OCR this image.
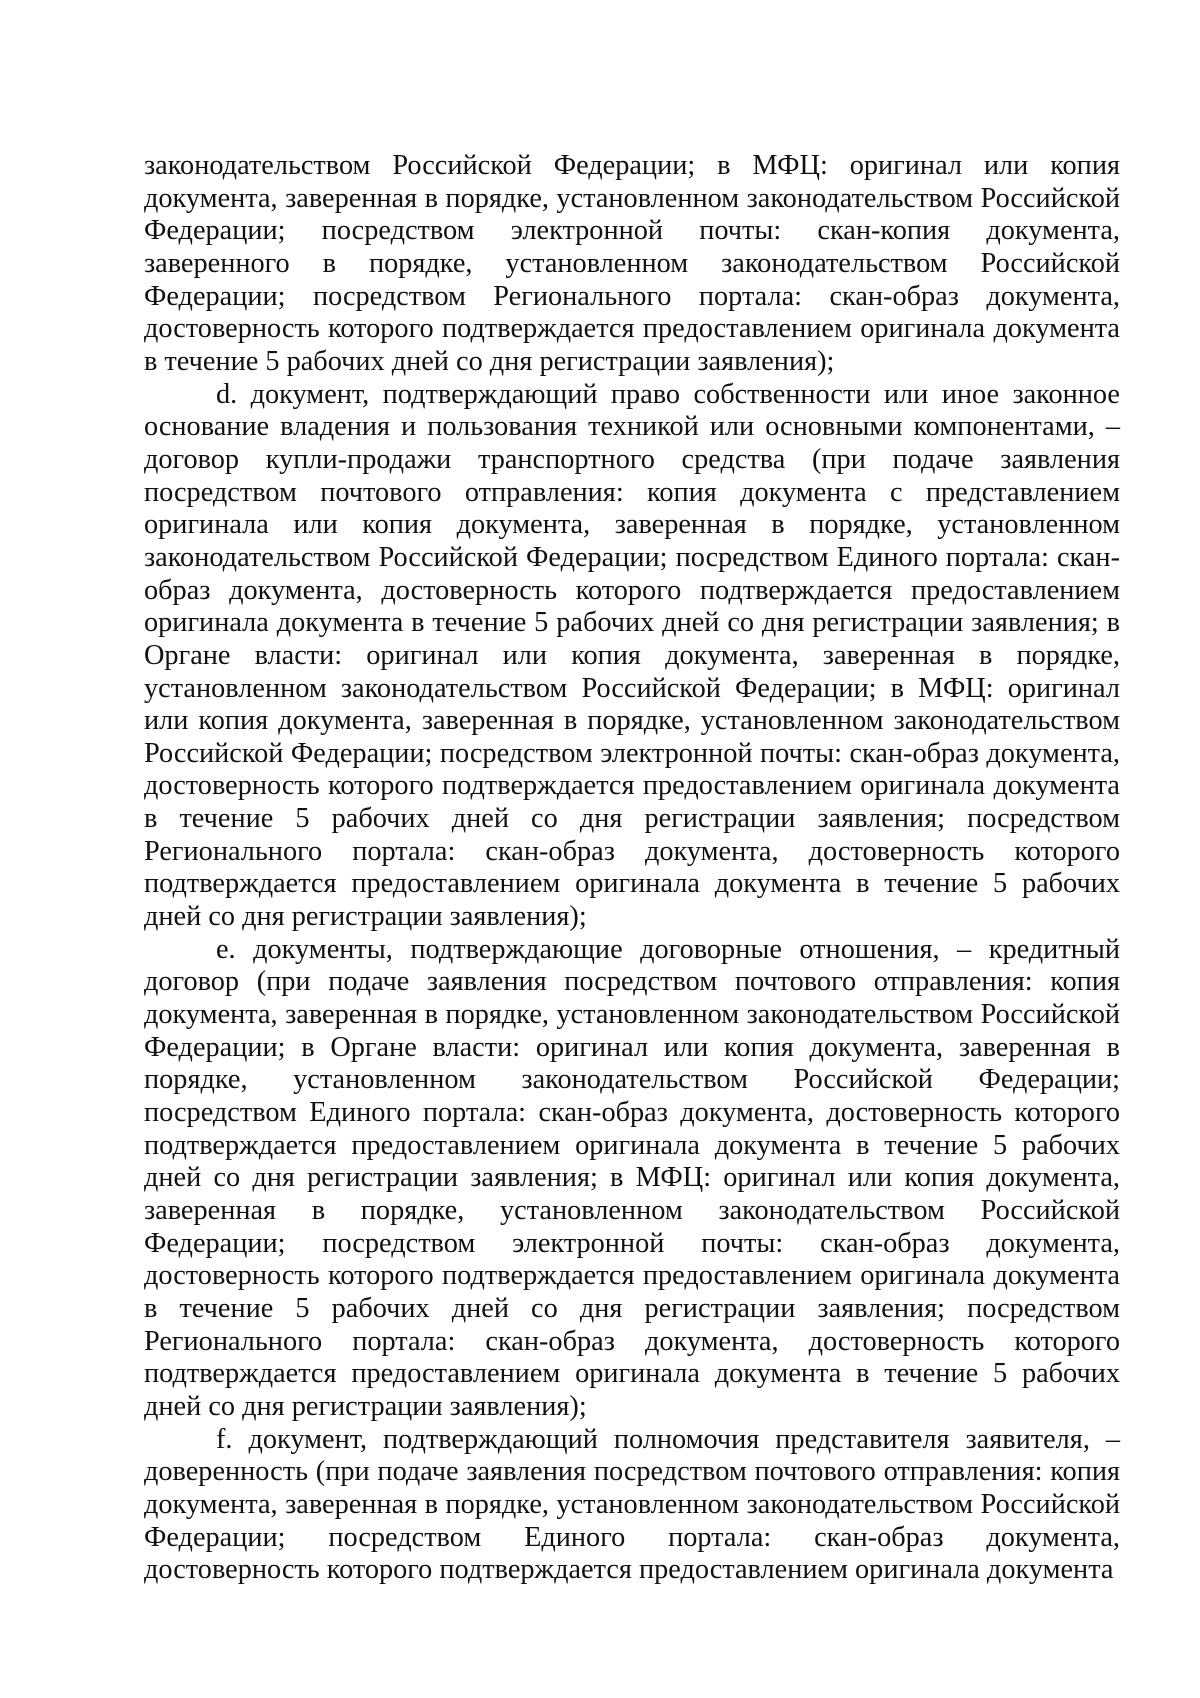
законодательством Российской Федерации; в МФЦ: оригинал или копия документа, заверенная в порядке, установленном законодательством Российской Федерации; посредством электронной почты: скан-копия документа, заверенного в порядке, установленном законодательством Российской Федерации; посредством Регионального портала: скан-образ документа, достоверность которого подтверждается предоставлением оригинала документа в течение 5 рабочих дней со дня регистрации заявления);

d. документ, подтверждающий право собственности или иное законное основание владения и пользования техникой или основными компонентами, – договор купли-продажи транспортного средства (при подаче заявления посредством почтового отправления: копия документа с представлением оригинала или копия документа, заверенная в порядке, установленном законодательством Российской Федерации; посредством Единого портала: скан-образ документа, достоверность которого подтверждается предоставлением оригинала документа в течение 5 рабочих дней со дня регистрации заявления; в Органе власти: оригинал или копия документа, заверенная в порядке, установленном законодательством Российской Федерации; в МФЦ: оригинал или копия документа, заверенная в порядке, установленном законодательством Российской Федерации; посредством электронной почты: скан-образ документа, достоверность которого подтверждается предоставлением оригинала документа в течение 5 рабочих дней со дня регистрации заявления; посредством Регионального портала: скан-образ документа, достоверность которого подтверждается предоставлением оригинала документа в течение 5 рабочих дней со дня регистрации заявления);

e. документы, подтверждающие договорные отношения, – кредитный договор (при подаче заявления посредством почтового отправления: копия документа, заверенная в порядке, установленном законодательством Российской Федерации; в Органе власти: оригинал или копия документа, заверенная в порядке, установленном законодательством Российской Федерации; посредством Единого портала: скан-образ документа, достоверность которого подтверждается предоставлением оригинала документа в течение 5 рабочих дней со дня регистрации заявления; в МФЦ: оригинал или копия документа, заверенная в порядке, установленном законодательством Российской Федерации; посредством электронной почты: скан-образ документа, достоверность которого подтверждается предоставлением оригинала документа в течение 5 рабочих дней со дня регистрации заявления; посредством Регионального портала: скан-образ документа, достоверность которого подтверждается предоставлением оригинала документа в течение 5 рабочих дней со дня регистрации заявления);

f. документ, подтверждающий полномочия представителя заявителя, – доверенность (при подаче заявления посредством почтового отправления: копия документа, заверенная в порядке, установленном законодательством Российской Федерации; посредством Единого портала: скан-образ документа, достоверность которого подтверждается предоставлением оригинала документа
